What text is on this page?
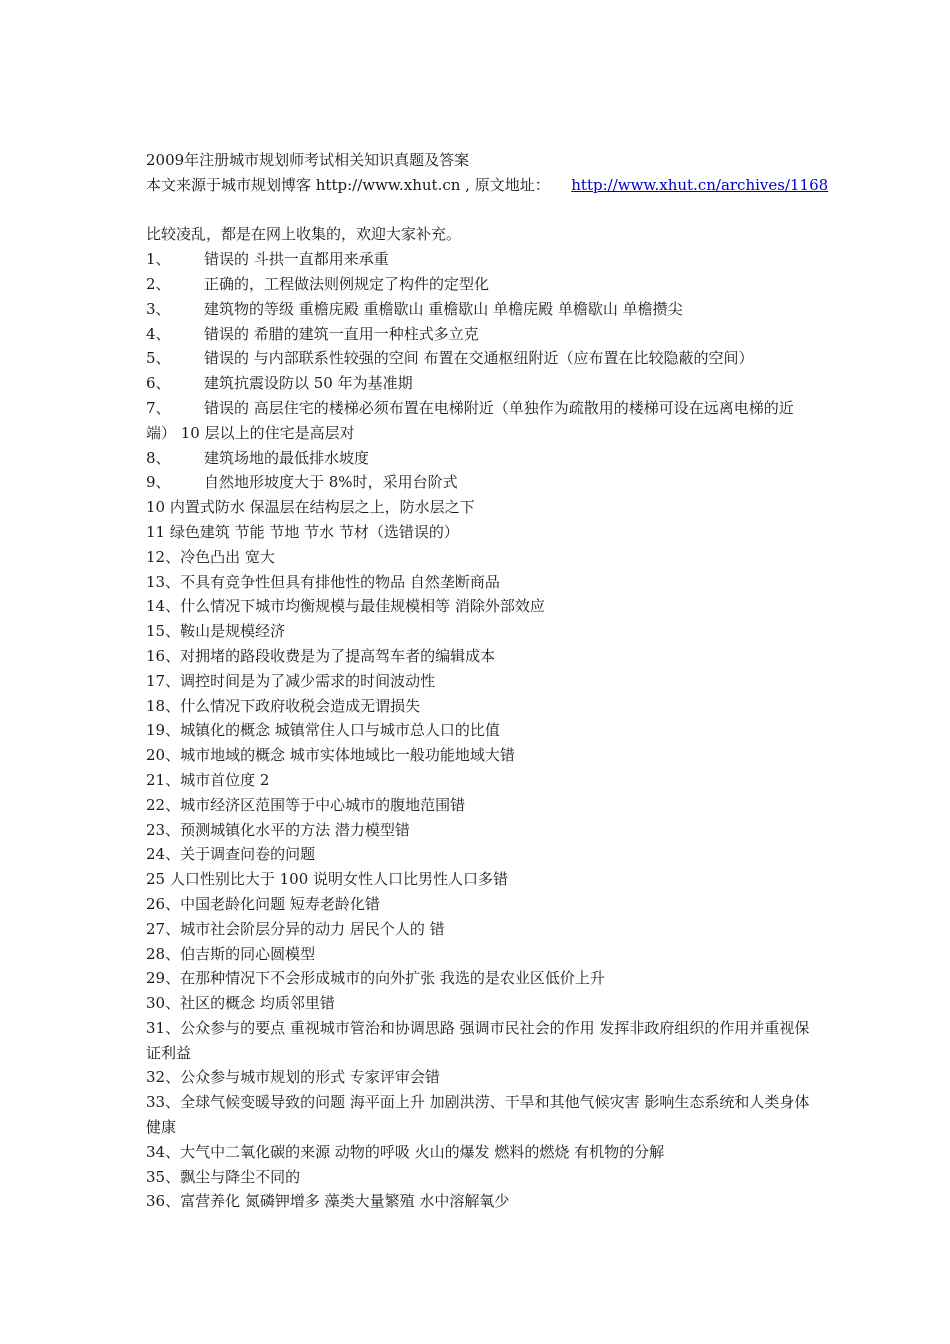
2009年注册城市规划师考试相关知识真题及答案

本文来源于城市规划博客 http://www.xhut.cn , 原文地址： http://www.xhut.cn/archives/1168

比较凌乱，都是在网上收集的，欢迎大家补充。

1、 错误的 斗拱一直都用来承重

2、 正确的，工程做法则例规定了构件的定型化

3、 建筑物的等级 重檐庑殿 重檐歇山 重檐歇山 单檐庑殿 单檐歇山 单檐攒尖

4、 错误的 希腊的建筑一直用一种柱式多立克

5、 错误的 与内部联系性较强的空间 布置在交通枢纽附近（应布置在比较隐蔽的空间）

6、 建筑抗震设防以 50 年为基准期

7、 错误的 高层住宅的楼梯必须布置在电梯附近（单独作为疏散用的楼梯可设在远离电梯的近端） 10 层以上的住宅是高层对

8、 建筑场地的最低排水坡度

9、 自然地形坡度大于 8%时，采用台阶式

10 内置式防水 保温层在结构层之上，防水层之下

11 绿色建筑 节能 节地 节水 节材（选错误的）

12、冷色凸出 宽大

13、不具有竞争性但具有排他性的物品 自然垄断商品

14、什么情况下城市均衡规模与最佳规模相等 消除外部效应

15、鞍山是规模经济

16、对拥堵的路段收费是为了提高驾车者的编辑成本

17、调控时间是为了减少需求的时间波动性

18、什么情况下政府收税会造成无谓损失

19、城镇化的概念 城镇常住人口与城市总人口的比值

20、城市地域的概念 城市实体地域比一般功能地域大错

21、城市首位度 2

22、城市经济区范围等于中心城市的腹地范围错

23、预测城镇化水平的方法 潜力模型错

24、关于调查问卷的问题

25 人口性别比大于 100 说明女性人口比男性人口多错

26、中国老龄化问题 短寿老龄化错

27、城市社会阶层分异的动力 居民个人的 错

28、伯吉斯的同心圆模型

29、在那种情况下不会形成城市的向外扩张 我选的是农业区低价上升

30、社区的概念 均质邻里错

31、公众参与的要点 重视城市管治和协调思路 强调市民社会的作用 发挥非政府组织的作用并重视保证利益

32、公众参与城市规划的形式 专家评审会错

33、全球气候变暖导致的问题 海平面上升 加剧洪涝、干旱和其他气候灾害 影响生态系统和人类身体健康

34、大气中二氧化碳的来源 动物的呼吸 火山的爆发 燃料的燃烧 有机物的分解

35、飘尘与降尘不同的

36、富营养化 氮磷钾增多 藻类大量繁殖 水中溶解氧少
